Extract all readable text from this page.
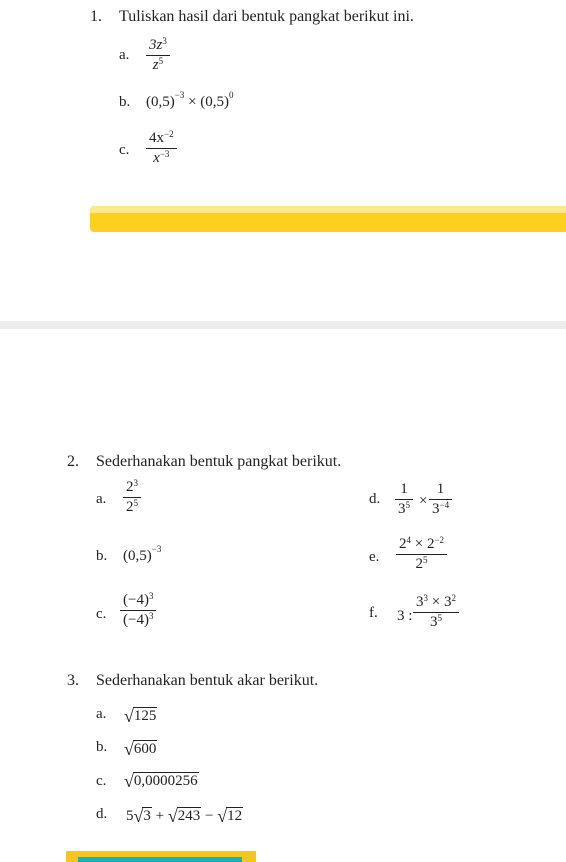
1. Tuliskan hasil dari bentuk pangkat berikut ini.
a.
$3z^3$
$z^5$
b. $(0,5)^{-3} \times (0,5)^0$
c.
$4x^{-2}$
$x^{-3}$
2. Sederhanakan bentuk pangkat berikut.
a.
$2^3$
$2^5$
b. $(0,5)^{-3}$
c.
$(-4)^3$
$(-4)^3$
d.
1
$3^5$ ×
1
$3^{-4}$
e.
$2^4 \times 2^{-2}$
$2^5$
f. 3 :
$3^3 \times 3^2$
$3^5$
3. Sederhanakan bentuk akar berikut.
a. √125
b. √600
c. √0,0000256
d. 5√3 + √243 − √12
